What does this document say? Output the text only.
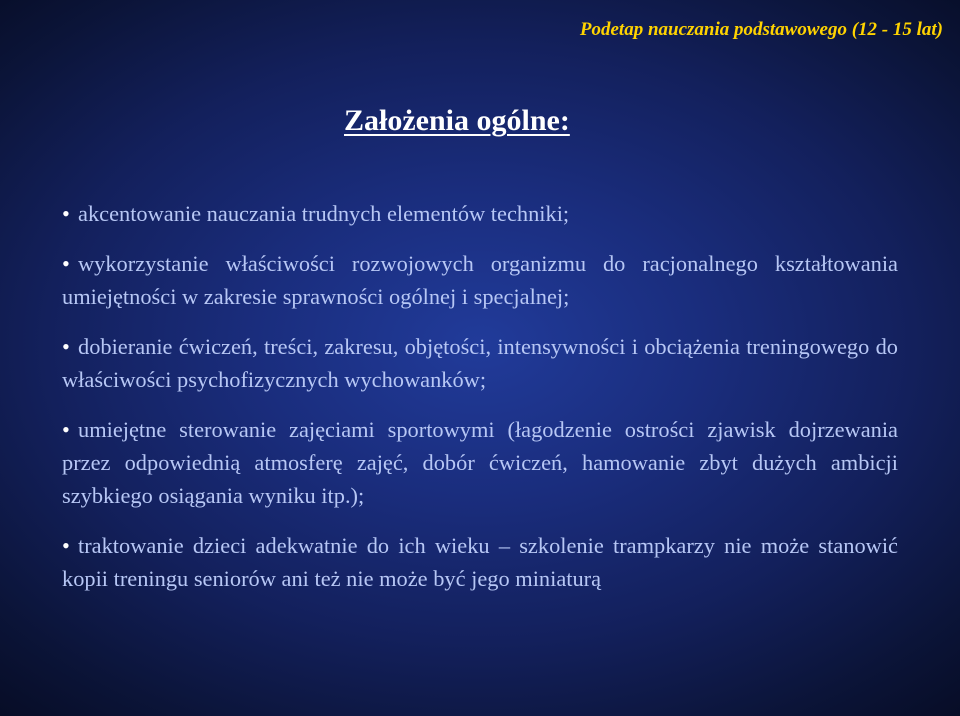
Podetap nauczania podstawowego (12 - 15 lat)
Założenia ogólne:
• akcentowanie nauczania trudnych elementów techniki;
• wykorzystanie właściwości rozwojowych organizmu do racjonalnego kształtowania umiejętności w zakresie sprawności ogólnej i specjalnej;
• dobieranie ćwiczeń, treści, zakresu, objętości, intensywności i obciążenia treningowego do właściwości psychofizycznych wychowanków;
• umiejętne sterowanie zajęciami sportowymi (łagodzenie ostrości zjawisk dojrzewania przez odpowiednią atmosferę zajęć, dobór ćwiczeń, hamowanie zbyt dużych ambicji szybkiego osiągania wyniku itp.);
• traktowanie dzieci adekwatnie do ich wieku – szkolenie trampkarzy nie może stanowić kopii treningu seniorów ani też nie może być jego miniaturą
